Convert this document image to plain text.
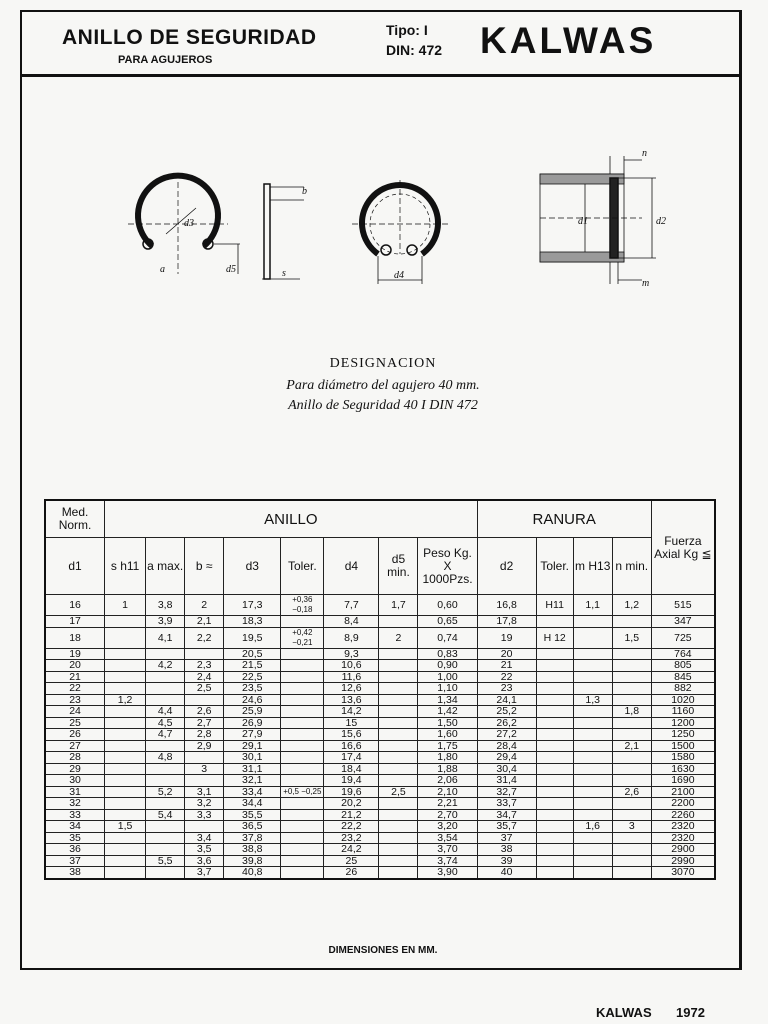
ANILLO DE SEGURIDAD
PARA AGUJEROS
Tipo: I
DIN: 472 KALWAS
d3
a	d5
b
s	d4
n
d1	d2
m
DESIGNACION
Para diámetro del agujero 40 mm.
Anillo de Seguridad 40 I DIN 472
Med. Norm.	ANILLO								RANURA				Fuerza Axial Kg ≦
d1	s h11	a max.	b ≈	d3	Toler.	d4	d5 min.	Peso Kg. X 1000Pzs.	d2	Toler.	m H13	n min.	
16	1	3,8	2	17,3	+0,36 −0,18	7,7	1,7	0,60	16,8	H11	1,1	1,2	515
17		3,9	2,1	18,3		8,4		0,65	17,8				347
18		4,1	2,2	19,5	+0,42 −0,21	8,9	2	0,74	19	H 12		1,5	725
19				20,5		9,3		0,83	20				764
20		4,2	2,3	21,5		10,6		0,90	21				805
21			2,4	22,5		11,6		1,00	22				845
22			2,5	23,5		12,6		1,10	23				882
23	1,2			24,6		13,6		1,34	24,1		1,3		1020
24		4,4	2,6	25,9		14,2		1,42	25,2			1,8	1160
25		4,5	2,7	26,9		15		1,50	26,2				1200
26		4,7	2,8	27,9		15,6		1,60	27,2				1250
27			2,9	29,1		16,6		1,75	28,4			2,1	1500
28		4,8		30,1		17,4		1,80	29,4				1580
29			3	31,1		18,4		1,88	30,4				1630
30				32,1		19,4		2,06	31,4				1690
31		5,2	3,1	33,4	+0,5 −0,25	19,6	2,5	2,10	32,7			2,6	2100
32			3,2	34,4		20,2		2,21	33,7				2200
33		5,4	3,3	35,5		21,2		2,70	34,7				2260
34	1,5			36,5		22,2		3,20	35,7		1,6	3	2320
35			3,4	37,8		23,2		3,54	37				2320
36			3,5	38,8		24,2		3,70	38				2900
37		5,5	3,6	39,8		25		3,74	39				2990
38			3,7	40,8		26		3,90	40				3070
DIMENSIONES EN MM.
KALWAS 1972
